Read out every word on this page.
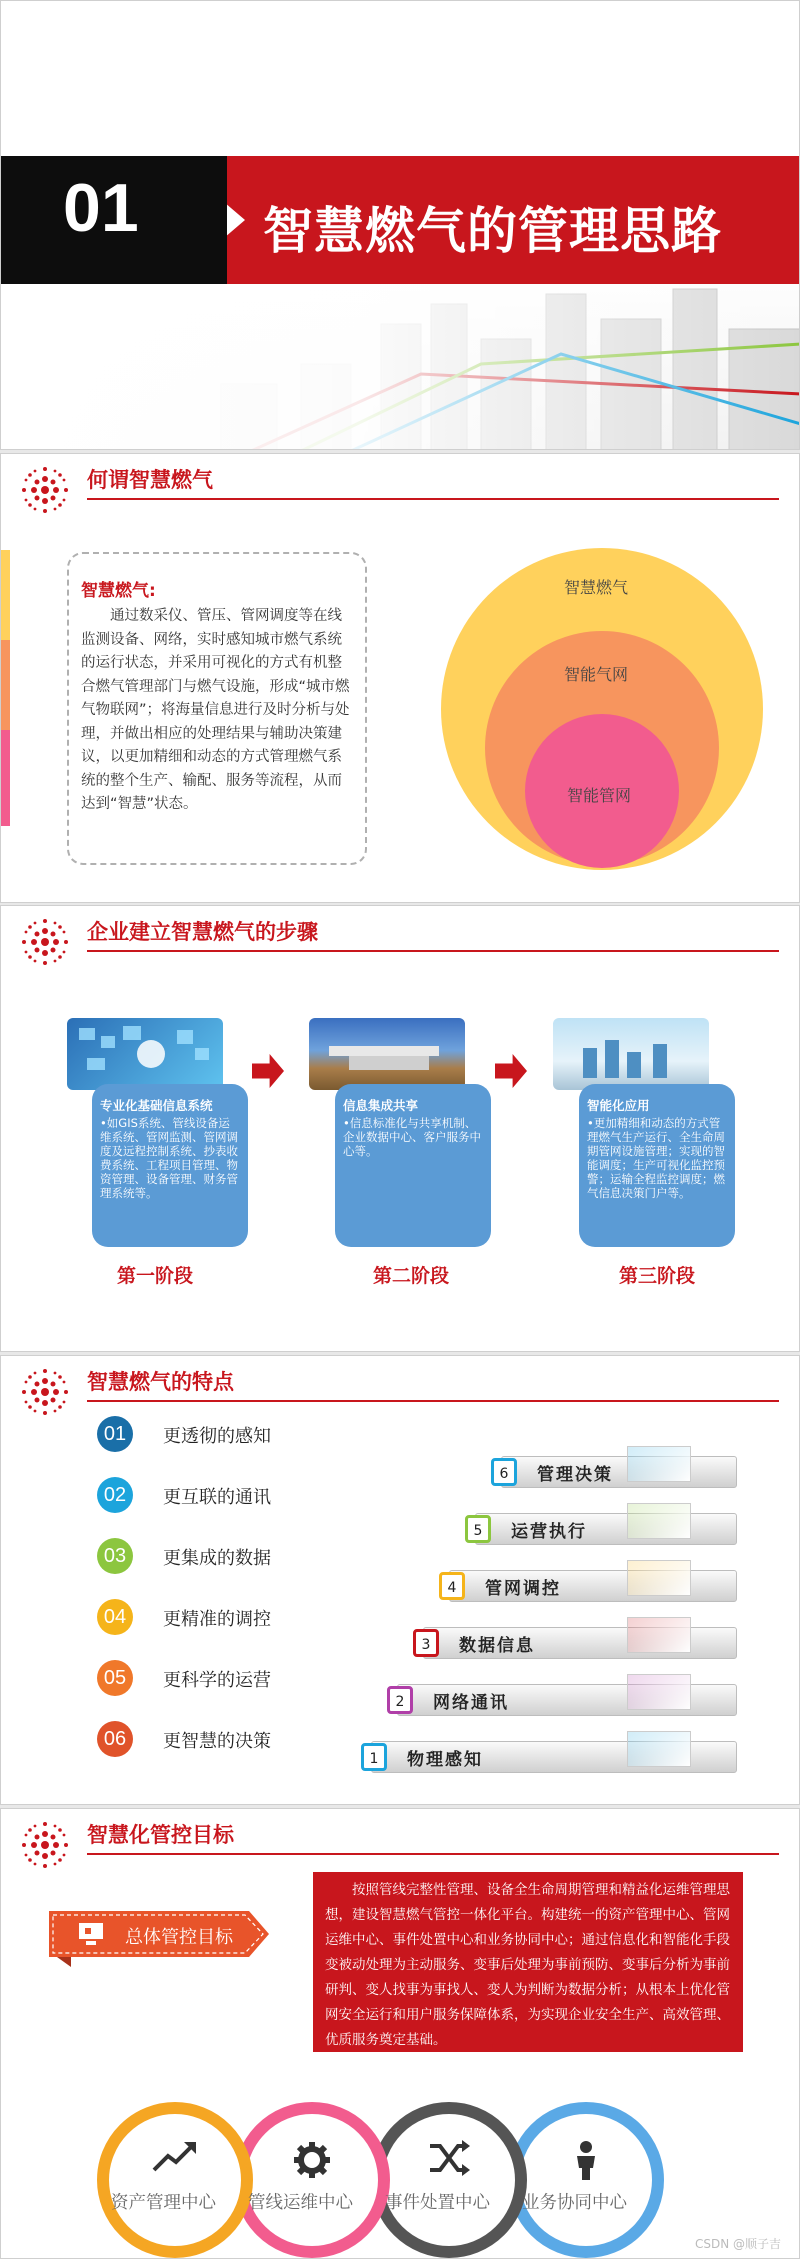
01 智慧燃气的管理思路
何谓智慧燃气
智慧燃气:
通过数采仪、管压、管网调度等在线监测设备、网络，实时感知城市燃气系统的运行状态，并采用可视化的方式有机整合燃气管理部门与燃气设施，形成“城市燃气物联网”；将海量信息进行及时分析与处理，并做出相应的处理结果与辅助决策建议，以更加精细和动态的方式管理燃气系统的整个生产、输配、服务等流程，从而达到“智慧”状态。
智慧燃气
智能气网
智能管网
企业建立智慧燃气的步骤
专业化基础信息系统

•如GIS系统、管线设备运维系统、管网监测、管网调度及远程控制系统、抄表收费系统、工程项目管理、物资管理、设备管理、财务管理系统等。

信息集成共享

•信息标准化与共享机制、企业数据中心、客户服务中心等。

智能化应用

•更加精细和动态的方式管理燃气生产运行、全生命周期管网设施管理；实现的智能调度；生产可视化监控预警；运输全程监控调度；燃气信息决策门户等。

第一阶段	第二阶段	第三阶段
智慧燃气的特点
01	更透彻的感知
02	更互联的通讯
03	更集成的数据
04	更精准的调控
05	更科学的运营
06	更智慧的决策
6	管理决策
5	运营执行
4	管网调控
3	数据信息
2	网络通讯
1	物理感知
智慧化管控目标
总体管控目标
按照管线完整性管理、设备全生命周期管理和精益化运维管理思想，建设智慧燃气管控一体化平台。构建统一的资产管理中心、管网运维中心、事件处置中心和业务协同中心；通过信息化和智能化手段变被动处理为主动服务、变事后处理为事前预防、变事后分析为事前研判、变人找事为事找人、变人为判断为数据分析；从根本上优化管网安全运行和用户服务保障体系，为实现企业安全生产、高效管理、优质服务奠定基础。
资产管理中心 管线运维中心 事件处置中心 业务协同中心
CSDN @顺子吉
